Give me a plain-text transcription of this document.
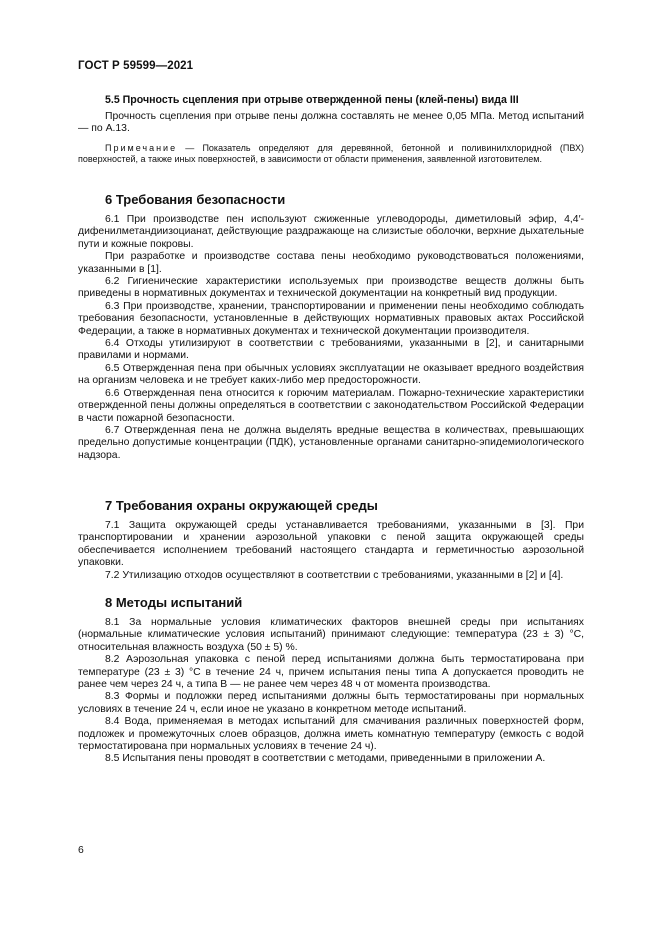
ГОСТ Р 59599—2021

5.5 Прочность сцепления при отрыве отвержденной пены (клей-пены) вида III

Прочность сцепления при отрыве пены должна составлять не менее 0,05 МПа. Метод испытаний — по А.13.

Примечание — Показатель определяют для деревянной, бетонной и поливинилхлоридной (ПВХ) поверхностей, а также иных поверхностей, в зависимости от области применения, заявленной изготовителем.

6 Требования безопасности

6.1 При производстве пен используют сжиженные углеводороды, диметиловый эфир, 4,4′-дифенилметандиизоцианат, действующие раздражающе на слизистые оболочки, верхние дыхательные пути и кожные покровы.

При разработке и производстве состава пены необходимо руководствоваться положениями, указанными в [1].

6.2 Гигиенические характеристики используемых при производстве веществ должны быть приведены в нормативных документах и технической документации на конкретный вид продукции.

6.3 При производстве, хранении, транспортировании и применении пены необходимо соблюдать требования безопасности, установленные в действующих нормативных правовых актах Российской Федерации, а также в нормативных документах и технической документации производителя.

6.4 Отходы утилизируют в соответствии с требованиями, указанными в [2], и санитарными правилами и нормами.

6.5 Отвержденная пена при обычных условиях эксплуатации не оказывает вредного воздействия на организм человека и не требует каких-либо мер предосторожности.

6.6 Отвержденная пена относится к горючим материалам. Пожарно-технические характеристики отвержденной пены должны определяться в соответствии с законодательством Российской Федерации в части пожарной безопасности.

6.7 Отвержденная пена не должна выделять вредные вещества в количествах, превышающих предельно допустимые концентрации (ПДК), установленные органами санитарно-эпидемиологического надзора.

7 Требования охраны окружающей среды

7.1 Защита окружающей среды устанавливается требованиями, указанными в [3]. При транспортировании и хранении аэрозольной упаковки с пеной защита окружающей среды обеспечивается исполнением требований настоящего стандарта и герметичностью аэрозольной упаковки.

7.2 Утилизацию отходов осуществляют в соответствии с требованиями, указанными в [2] и [4].

8 Методы испытаний

8.1 За нормальные условия климатических факторов внешней среды при испытаниях (нормальные климатические условия испытаний) принимают следующие: температура (23 ± 3) °С, относительная влажность воздуха (50 ± 5) %.

8.2 Аэрозольная упаковка с пеной перед испытаниями должна быть термостатирована при температуре (23 ± 3) °С в течение 24 ч, причем испытания пены типа А допускается проводить не ранее чем через 24 ч, а типа В — не ранее чем через 48 ч от момента производства.

8.3 Формы и подложки перед испытаниями должны быть термостатированы при нормальных условиях в течение 24 ч, если иное не указано в конкретном методе испытаний.

8.4 Вода, применяемая в методах испытаний для смачивания различных поверхностей форм, подложек и промежуточных слоев образцов, должна иметь комнатную температуру (емкость с водой термостатирована при нормальных условиях в течение 24 ч).

8.5 Испытания пены проводят в соответствии с методами, приведенными в приложении А.

6
